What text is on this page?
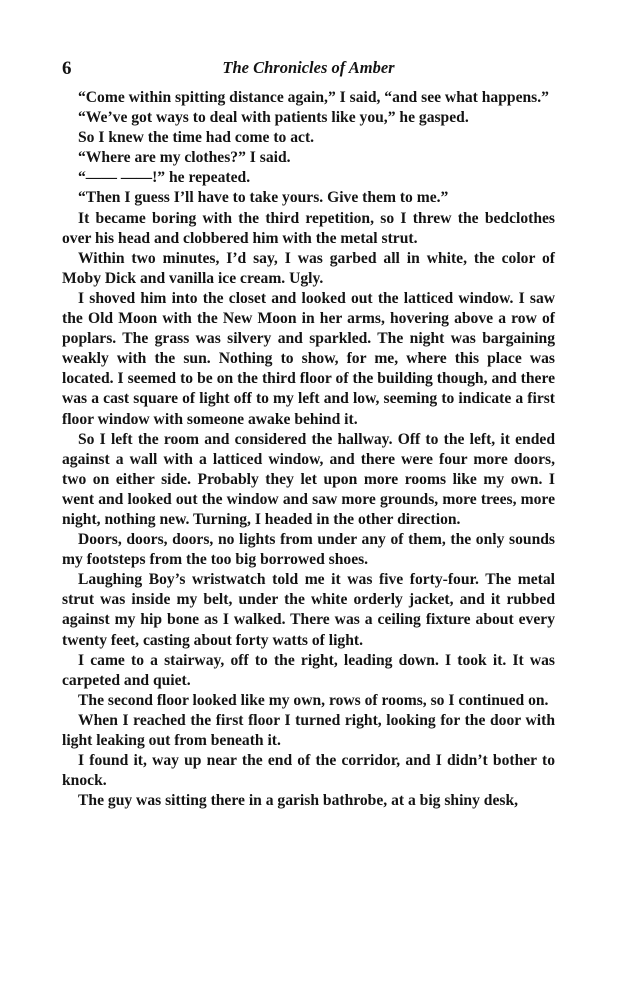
6	The Chronicles of Amber

“Come within spitting distance again,” I said, “and see what happens.”

“We’ve got ways to deal with patients like you,” he gasped.

So I knew the time had come to act.

“Where are my clothes?” I said.

“—— ——!” he repeated.

“Then I guess I’ll have to take yours. Give them to me.”

It became boring with the third repetition, so I threw the bedclothes over his head and clobbered him with the metal strut.

Within two minutes, I’d say, I was garbed all in white, the color of Moby Dick and vanilla ice cream. Ugly.

I shoved him into the closet and looked out the latticed window. I saw the Old Moon with the New Moon in her arms, hovering above a row of poplars. The grass was silvery and sparkled. The night was bargaining weakly with the sun. Nothing to show, for me, where this place was located. I seemed to be on the third floor of the building though, and there was a cast square of light off to my left and low, seeming to indicate a first floor window with someone awake behind it.

So I left the room and considered the hallway. Off to the left, it ended against a wall with a latticed window, and there were four more doors, two on either side. Probably they let upon more rooms like my own. I went and looked out the window and saw more grounds, more trees, more night, nothing new. Turning, I headed in the other direction.

Doors, doors, doors, no lights from under any of them, the only sounds my footsteps from the too big borrowed shoes.

Laughing Boy’s wristwatch told me it was five forty-four. The metal strut was inside my belt, under the white orderly jacket, and it rubbed against my hip bone as I walked. There was a ceiling fixture about every twenty feet, casting about forty watts of light.

I came to a stairway, off to the right, leading down. I took it. It was carpeted and quiet.

The second floor looked like my own, rows of rooms, so I continued on.

When I reached the first floor I turned right, looking for the door with light leaking out from beneath it.

I found it, way up near the end of the corridor, and I didn’t bother to knock.

The guy was sitting there in a garish bathrobe, at a big shiny desk,
